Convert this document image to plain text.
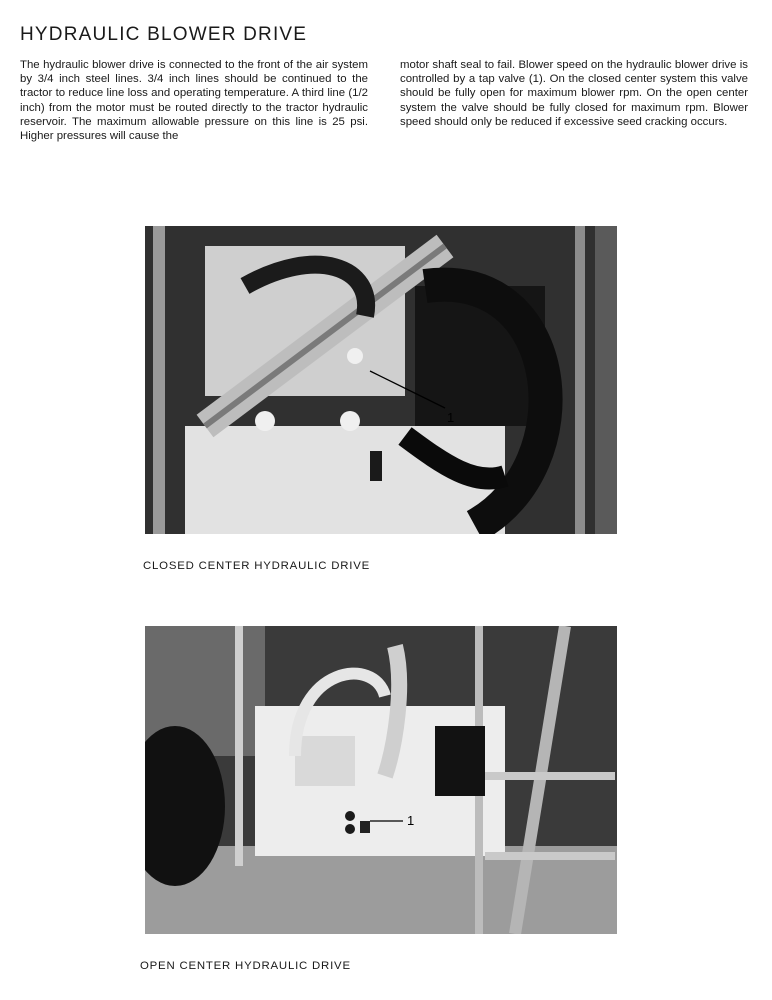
HYDRAULIC BLOWER DRIVE

The hydraulic blower drive is connected to the front of the air system by 3/4 inch steel lines. 3/4 inch lines should be continued to the tractor to reduce line loss and operating temperature. A third line (1/2 inch) from the motor must be routed directly to the tractor hydraulic reservoir. The maximum allowable pressure on this line is 25 psi. Higher pressures will cause the

motor shaft seal to fail. Blower speed on the hydraulic blower drive is controlled by a tap valve (1). On the closed center system this valve should be fully open for maximum blower rpm. On the open center system the valve should be fully closed for maximum rpm. Blower speed should only be reduced if excessive seed cracking occurs.

1

CLOSED CENTER HYDRAULIC DRIVE

1

OPEN CENTER HYDRAULIC DRIVE
